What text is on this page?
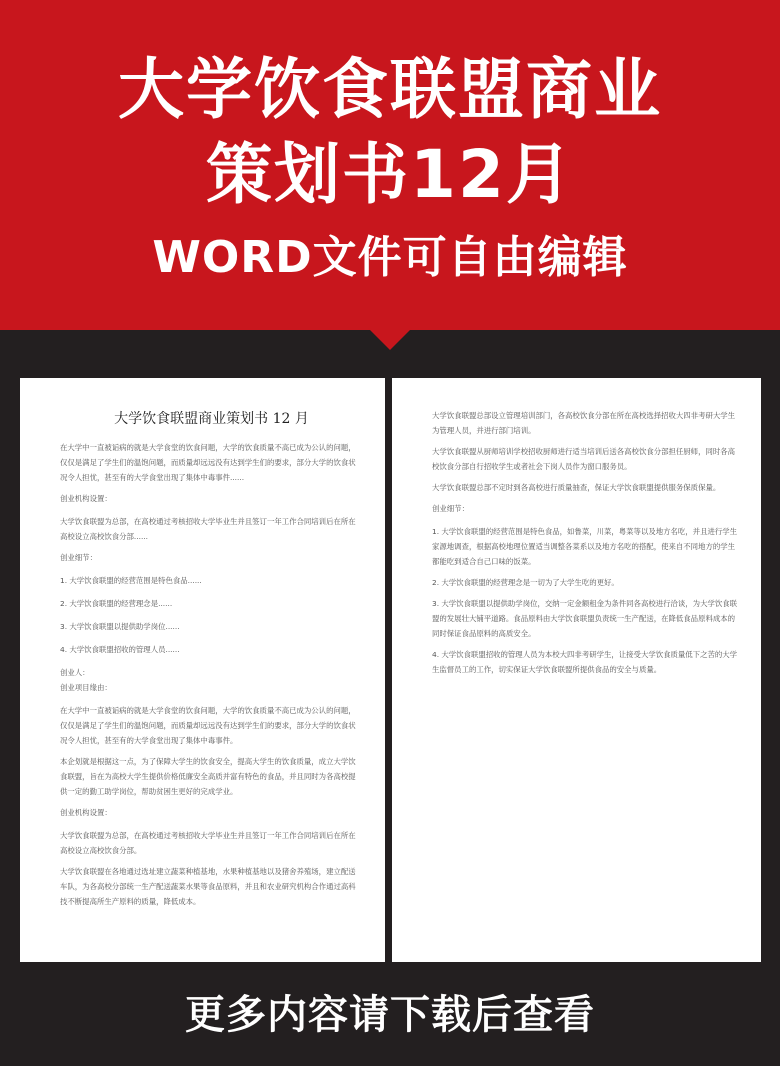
大学饮食联盟商业
策划书12月
WORD文件可自由编辑
大学饮食联盟商业策划书 12 月
在大学中一直被诟病的就是大学食堂的饮食问题，大学的饮食质量不高已成为公认的问题，仅仅是满足了学生们的温饱问题，而质量却远远没有达到学生们的要求，部分大学的饮食状况令人担忧，甚至有的大学食堂出现了集体中毒事件......
创业机构设置：
大学饮食联盟为总部，在高校通过考核招收大学毕业生并且签订一年工作合同培训后在所在高校设立高校饮食分部......
创业细节：
1. 大学饮食联盟的经营范围是特色食品......
2. 大学饮食联盟的经营理念是......
3. 大学饮食联盟以提供助学岗位......
4. 大学饮食联盟招收的管理人员......
创业人：
创业项目缘由：
在大学中一直被诟病的就是大学食堂的饮食问题，大学的饮食质量不高已成为公认的问题，仅仅是满足了学生们的温饱问题，而质量却远远没有达到学生们的要求，部分大学的饮食状况令人担忧，甚至有的大学食堂出现了集体中毒事件。
本企划就是根据这一点，为了保障大学生的饮食安全，提高大学生的饮食质量，成立大学饮食联盟，旨在为高校大学生提供价格低廉安全高质并富有特色的食品，并且同时为各高校提供一定的勤工助学岗位，帮助贫困生更好的完成学业。
创业机构设置：
大学饮食联盟为总部，在高校通过考核招收大学毕业生并且签订一年工作合同培训后在所在高校设立高校饮食分部。
大学饮食联盟在各地通过选址建立蔬菜种植基地，水果种植基地以及猪舍养殖场，建立配送车队，为各高校分部统一生产配送蔬菜水果等食品原料，并且和农业研究机构合作通过高科技不断提高所生产原料的质量，降低成本。
大学饮食联盟总部设立管理培训部门，各高校饮食分部在所在高校选择招收大四非考研大学生为管理人员，并进行部门培训。
大学饮食联盟从厨师培训学校招收厨师进行适当培训后送各高校饮食分部担任厨师，同时各高校饮食分部自行招收学生或者社会下岗人员作为窗口服务员。
大学饮食联盟总部不定时到各高校进行质量抽查，保证大学饮食联盟提供服务保质保量。
创业细节：
1. 大学饮食联盟的经营范围是特色食品，如鲁菜，川菜，粤菜等以及地方名吃，并且进行学生家源地调查，根据高校地理位置适当调整各菜系以及地方名吃的搭配，使来自不同地方的学生都能吃到适合自己口味的饭菜。
2. 大学饮食联盟的经营理念是一切为了大学生吃的更好。
3. 大学饮食联盟以提供助学岗位，交纳一定金额租金为条件同各高校进行洽谈，为大学饮食联盟的发展壮大铺平道路。食品原料由大学饮食联盟负责统一生产配送，在降低食品原料成本的同时保证食品原料的高质安全。
4. 大学饮食联盟招收的管理人员为本校大四非考研学生，让接受大学饮食质量低下之苦的大学生监督员工的工作，切实保证大学饮食联盟所提供食品的安全与质量。
更多内容请下载后查看
